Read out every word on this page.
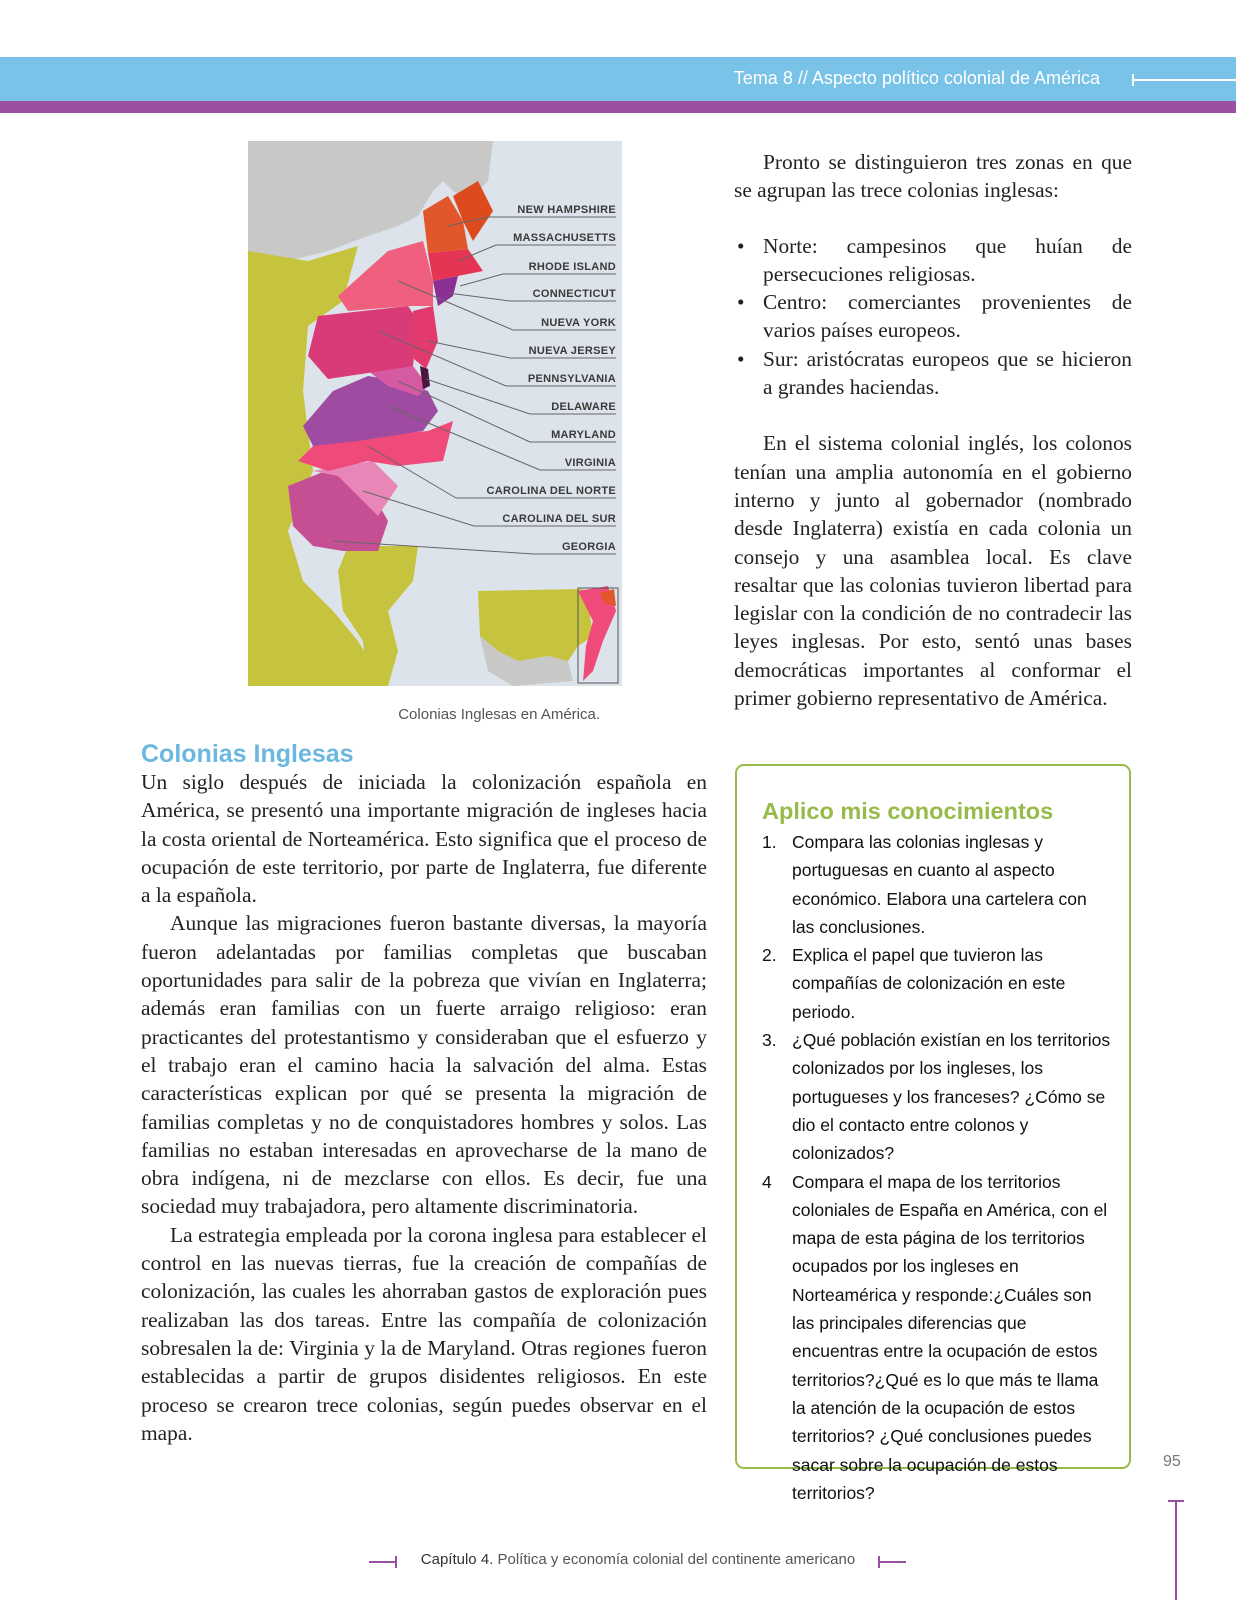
Tema 8 // Aspecto político colonial de América
NEW HAMPSHIRE
MASSACHUSETTS
RHODE ISLAND
CONNECTICUT
NUEVA YORK
NUEVA JERSEY
PENNSYLVANIA
DELAWARE
MARYLAND
VIRGINIA
CAROLINA DEL NORTE
CAROLINA DEL SUR
GEORGIA
Colonias Inglesas en América.
Colonias Inglesas

Un siglo después de iniciada la colonización española en América, se presentó una importante migración de ingleses hacia la costa oriental de Norteamérica. Esto significa que el proceso de ocupación de este territorio, por parte de Inglaterra, fue diferente a la española.

Aunque las migraciones fueron bastante diversas, la mayoría fueron adelantadas por familias completas que buscaban oportunidades para salir de la pobreza que vivían en Inglaterra; además eran familias con un fuerte arraigo religioso: eran practicantes del protestantismo y consideraban que el esfuerzo y el trabajo eran el camino hacia la salvación del alma. Estas características explican por qué se presenta la migración de familias completas y no de conquistadores hombres y solos. Las familias no estaban interesadas en aprovecharse de la mano de obra indígena, ni de mezclarse con ellos. Es decir, fue una sociedad muy trabajadora, pero altamente discriminatoria.

La estrategia empleada por la corona inglesa para establecer el control en las nuevas tierras, fue la creación de compañías de colonización, las cuales les ahorraban gastos de exploración pues realizaban las dos tareas. Entre las compañía de colonización sobresalen la de: Virginia y la de Maryland. Otras regiones fueron establecidas a partir de grupos disidentes religiosos. En este proceso se crearon trece colonias, según puedes observar en el mapa.

Pronto se distinguieron tres zonas en que se agrupan las trece colonias inglesas:

• Norte: campesinos que huían de persecuciones religiosas.
• Centro: comerciantes provenientes de varios países europeos.
• Sur: aristócratas europeos que se hicieron a grandes haciendas.

En el sistema colonial inglés, los colonos tenían una amplia autonomía en el gobierno interno y junto al gobernador (nombrado desde Inglaterra) existía en cada colonia un consejo y una asamblea local. Es clave resaltar que las colonias tuvieron libertad para legislar con la condición de no contradecir las leyes inglesas. Por esto, sentó unas bases democráticas importantes al conformar el primer gobierno representativo de América.

Aplico mis conocimientos
1. Compara las colonias inglesas y portuguesas en cuanto al aspecto económico. Elabora una cartelera con las conclusiones.
2. Explica el papel que tuvieron las compañías de colonización en este periodo.
3. ¿Qué población existían en los territorios colonizados por los ingleses, los portugueses y los franceses? ¿Cómo se dio el contacto entre colonos y colonizados?
4 Compara el mapa de los territorios coloniales de España en América, con el mapa de esta página de los territorios ocupados por los ingleses en Norteamérica y responde:¿Cuáles son las principales diferencias que encuentras entre la ocupación de estos territorios?¿Qué es lo que más te llama la atención de la ocupación de estos territorios? ¿Qué conclusiones puedes sacar sobre la ocupación de estos territorios?
95
Capítulo 4. Política y economía colonial del continente americano
